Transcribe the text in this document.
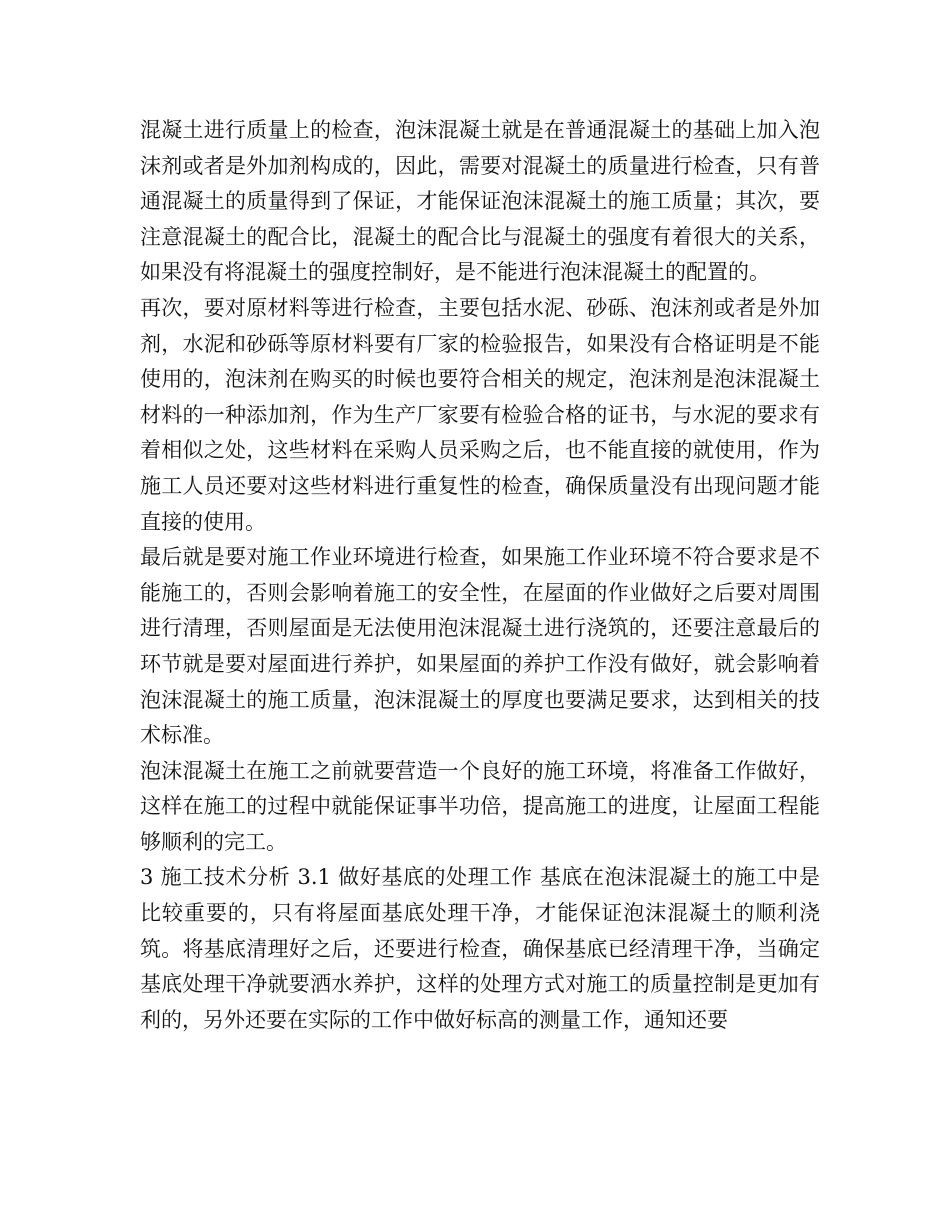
混凝土进行质量上的检查，泡沫混凝土就是在普通混凝土的基础上加入泡沫剂或者是外加剂构成的，因此，需要对混凝土的质量进行检查，只有普通混凝土的质量得到了保证，才能保证泡沫混凝土的施工质量；其次，要注意混凝土的配合比，混凝土的配合比与混凝土的强度有着很大的关系，如果没有将混凝土的强度控制好，是不能进行泡沫混凝土的配置的。

再次，要对原材料等进行检查，主要包括水泥、砂砾、泡沫剂或者是外加剂，水泥和砂砾等原材料要有厂家的检验报告，如果没有合格证明是不能使用的，泡沫剂在购买的时候也要符合相关的规定，泡沫剂是泡沫混凝土材料的一种添加剂，作为生产厂家要有检验合格的证书，与水泥的要求有着相似之处，这些材料在采购人员采购之后，也不能直接的就使用，作为施工人员还要对这些材料进行重复性的检查，确保质量没有出现问题才能直接的使用。

最后就是要对施工作业环境进行检查，如果施工作业环境不符合要求是不能施工的，否则会影响着施工的安全性，在屋面的作业做好之后要对周围进行清理，否则屋面是无法使用泡沫混凝土进行浇筑的，还要注意最后的环节就是要对屋面进行养护，如果屋面的养护工作没有做好，就会影响着泡沫混凝土的施工质量，泡沫混凝土的厚度也要满足要求，达到相关的技术标准。

泡沫混凝土在施工之前就要营造一个良好的施工环境，将准备工作做好，这样在施工的过程中就能保证事半功倍，提高施工的进度，让屋面工程能够顺利的完工。

3 施工技术分析 3.1 做好基底的处理工作 基底在泡沫混凝土的施工中是比较重要的，只有将屋面基底处理干净，才能保证泡沫混凝土的顺利浇筑。将基底清理好之后，还要进行检查，确保基底已经清理干净，当确定基底处理干净就要洒水养护，这样的处理方式对施工的质量控制是更加有利的，另外还要在实际的工作中做好标高的测量工作，通知还要
